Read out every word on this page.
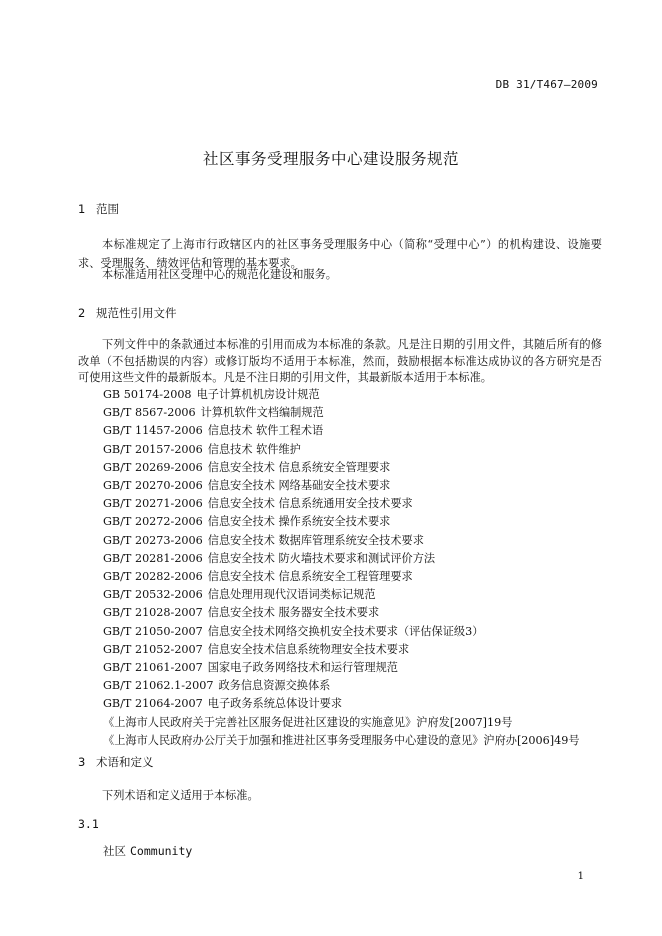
DB 31/T467—2009
社区事务受理服务中心建设服务规范
1 范围

本标准规定了上海市行政辖区内的社区事务受理服务中心（简称“受理中心”）的机构建设、设施要求、受理服务、绩效评估和管理的基本要求。

本标准适用社区受理中心的规范化建设和服务。

2 规范性引用文件

下列文件中的条款通过本标准的引用而成为本标准的条款。凡是注日期的引用文件，其随后所有的修改单（不包括勘误的内容）或修订版均不适用于本标准，然而，鼓励根据本标准达成协议的各方研究是否可使用这些文件的最新版本。凡是不注日期的引用文件，其最新版本适用于本标准。

GB 50174-2008 电子计算机机房设计规范
GB/T 8567-2006 计算机软件文档编制规范
GB/T 11457-2006 信息技术 软件工程术语
GB/T 20157-2006 信息技术 软件维护
GB/T 20269-2006 信息安全技术 信息系统安全管理要求
GB/T 20270-2006 信息安全技术 网络基础安全技术要求
GB/T 20271-2006 信息安全技术 信息系统通用安全技术要求
GB/T 20272-2006 信息安全技术 操作系统安全技术要求
GB/T 20273-2006 信息安全技术 数据库管理系统安全技术要求
GB/T 20281-2006 信息安全技术 防火墙技术要求和测试评价方法
GB/T 20282-2006 信息安全技术 信息系统安全工程管理要求
GB/T 20532-2006 信息处理用现代汉语词类标记规范
GB/T 21028-2007 信息安全技术 服务器安全技术要求
GB/T 21050-2007 信息安全技术网络交换机安全技术要求（评估保证级3）
GB/T 21052-2007 信息安全技术信息系统物理安全技术要求
GB/T 21061-2007 国家电子政务网络技术和运行管理规范
GB/T 21062.1-2007 政务信息资源交换体系
GB/T 21064-2007 电子政务系统总体设计要求
《上海市人民政府关于完善社区服务促进社区建设的实施意见》沪府发[2007]19号
《上海市人民政府办公厅关于加强和推进社区事务受理服务中心建设的意见》沪府办[2006]49号
3 术语和定义

下列术语和定义适用于本标准。

3.1
社区 Community
1
